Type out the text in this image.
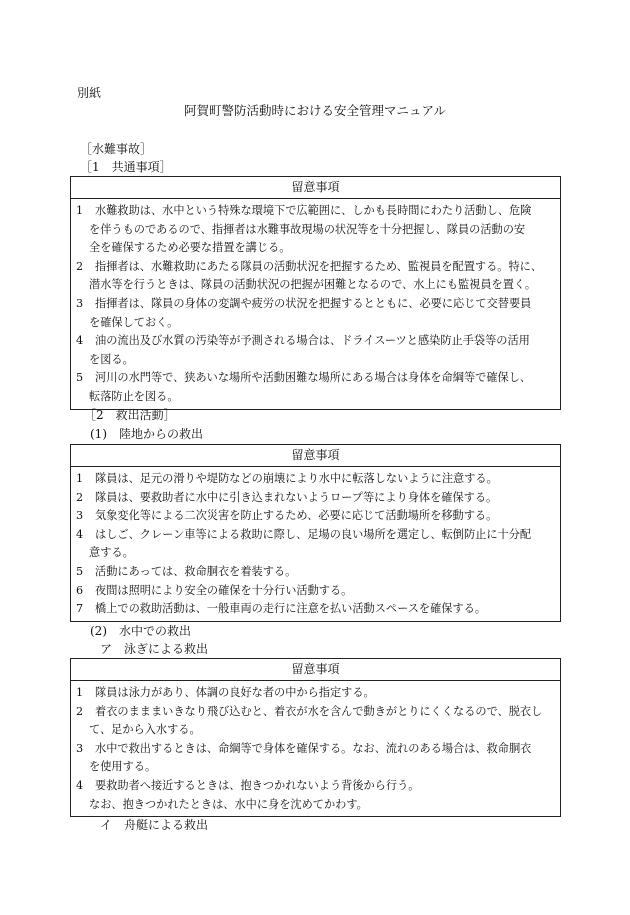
別紙
阿賀町警防活動時における安全管理マニュアル
［水難事故］
［1　共通事項］
留意事項
1	水難救助は、水中という特殊な環境下で広範囲に、しかも長時間にわたり活動し、危険
を伴うものであるので、指揮者は水難事故現場の状況等を十分把握し、隊員の活動の安
全を確保するため必要な措置を講じる。
2	指揮者は、水難救助にあたる隊員の活動状況を把握するため、監視員を配置する。特に、
潜水等を行うときは、隊員の活動状況の把握が困難となるので、水上にも監視員を置く。
3	指揮者は、隊員の身体の変調や疲労の状況を把握するとともに、必要に応じて交替要員
を確保しておく。
4	油の流出及び水質の汚染等が予測される場合は、ドライスーツと感染防止手袋等の活用
を図る。
5	河川の水門等で、狭あいな場所や活動困難な場所にある場合は身体を命綱等で確保し、
転落防止を図る。
［2　救出活動］
(1)　陸地からの救出
留意事項
1	隊員は、足元の滑りや堤防などの崩壊により水中に転落しないように注意する。
2	隊員は、要救助者に水中に引き込まれないようロープ等により身体を確保する。
3	気象変化等による二次災害を防止するため、必要に応じて活動場所を移動する。
4	はしご、クレーン車等による救助に際し、足場の良い場所を選定し、転倒防止に十分配
意する。
5	活動にあっては、救命胴衣を着装する。
6	夜間は照明により安全の確保を十分行い活動する。
7	橋上での救助活動は、一般車両の走行に注意を払い活動スペースを確保する。
(2)　水中での救出
ア　泳ぎによる救出
留意事項
1	隊員は泳力があり、体調の良好な者の中から指定する。
2	着衣のまままいきなり飛び込むと、着衣が水を含んで動きがとりにくくなるので、脱衣し
て、足から入水する。
3	水中で救出するときは、命綱等で身体を確保する。なお、流れのある場合は、救命胴衣
を使用する。
4	要救助者へ接近するときは、抱きつかれないよう背後から行う。
なお、抱きつかれたときは、水中に身を沈めてかわす。
イ　舟艇による救出
